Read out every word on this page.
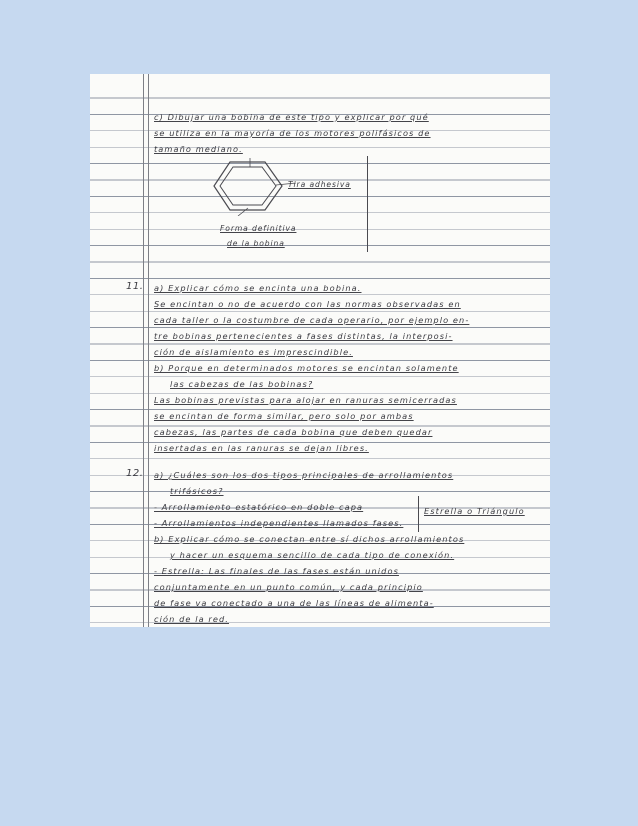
c) Dibujar una bobina de este tipo y explicar por qué
se utiliza en la mayoría de los motores polifásicos de
tamaño mediano.
Tira adhesiva
Forma definitiva
de la bobina
11. a) Explicar cómo se encinta una bobina.
Se encintan o no de acuerdo con las normas observadas en
cada taller o la costumbre de cada operario, por ejemplo en-
tre bobinas pertenecientes a fases distintas, la interposi-
ción de aislamiento es imprescindible.
b) Porque en determinados motores se encintan solamente
las cabezas de las bobinas?
Las bobinas previstas para alojar en ranuras semicerradas
se encintan de forma similar, pero solo por ambas
cabezas, las partes de cada bobina que deben quedar
insertadas en las ranuras se dejan libres.
12. a) ¿Cuáles son los dos tipos principales de arrollamientos
trifásicos?
- Arrollamiento estatórico en doble capa
- Arrollamientos independientes llamados fases.
Estrella o Triángulo
b) Explicar cómo se conectan entre sí dichos arrollamientos
y hacer un esquema sencillo de cada tipo de conexión.
- Estrella: Las finales de las fases están unidos
conjuntamente en un punto común, y cada principio
de fase va conectado a una de las líneas de alimenta-
ción de la red.
